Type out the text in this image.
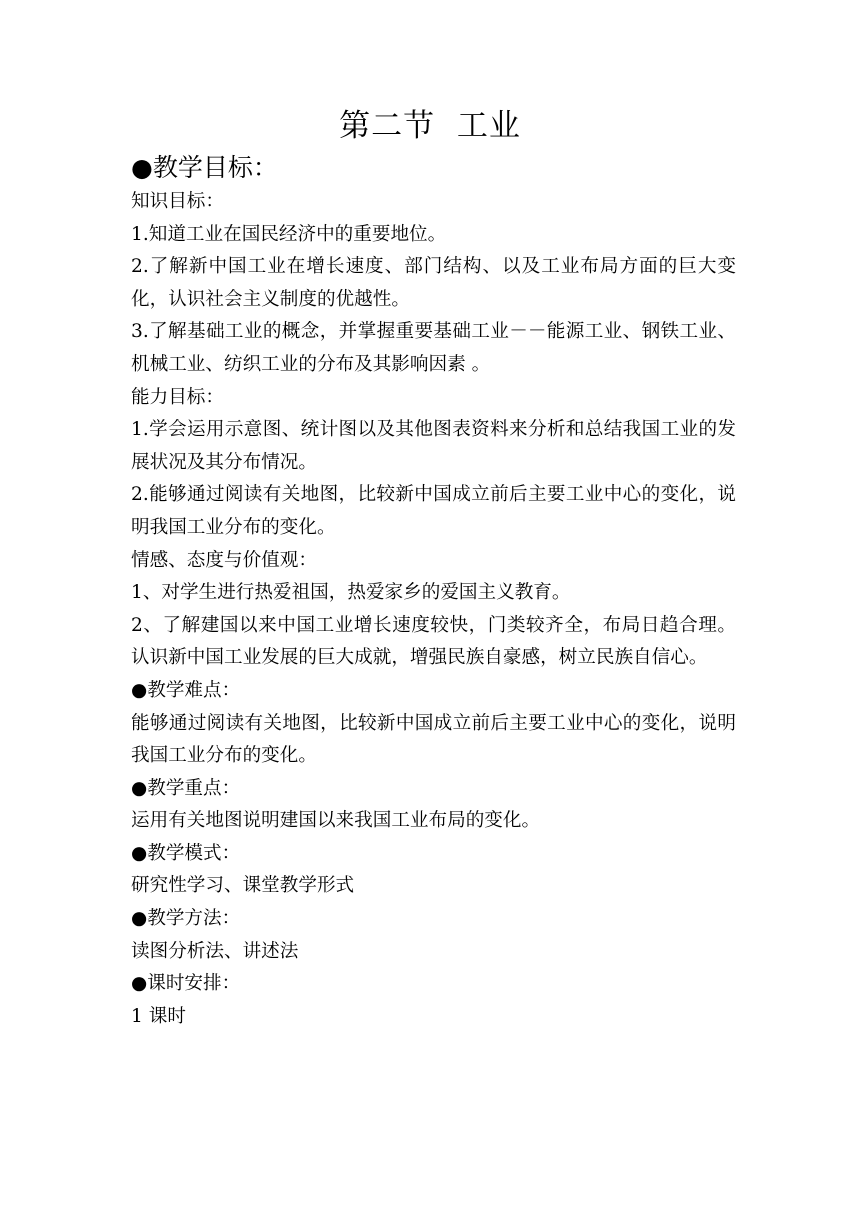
第二节  工业
●教学目标：

知识目标：

1.知道工业在国民经济中的重要地位。

2.了解新中国工业在增长速度、部门结构、以及工业布局方面的巨大变化，认识社会主义制度的优越性。

3.了解基础工业的概念，并掌握重要基础工业－－能源工业、钢铁工业、机械工业、纺织工业的分布及其影响因素 。

能力目标：

1.学会运用示意图、统计图以及其他图表资料来分析和总结我国工业的发展状况及其分布情况。

2.能够通过阅读有关地图，比较新中国成立前后主要工业中心的变化，说明我国工业分布的变化。

情感、态度与价值观：

1、对学生进行热爱祖国，热爱家乡的爱国主义教育。

2、了解建国以来中国工业增长速度较快，门类较齐全，布局日趋合理。认识新中国工业发展的巨大成就，增强民族自豪感，树立民族自信心。

●教学难点：

能够通过阅读有关地图，比较新中国成立前后主要工业中心的变化，说明我国工业分布的变化。

●教学重点：

运用有关地图说明建国以来我国工业布局的变化。

●教学模式：

研究性学习、课堂教学形式

●教学方法：

读图分析法、讲述法

●课时安排：

1 课时
